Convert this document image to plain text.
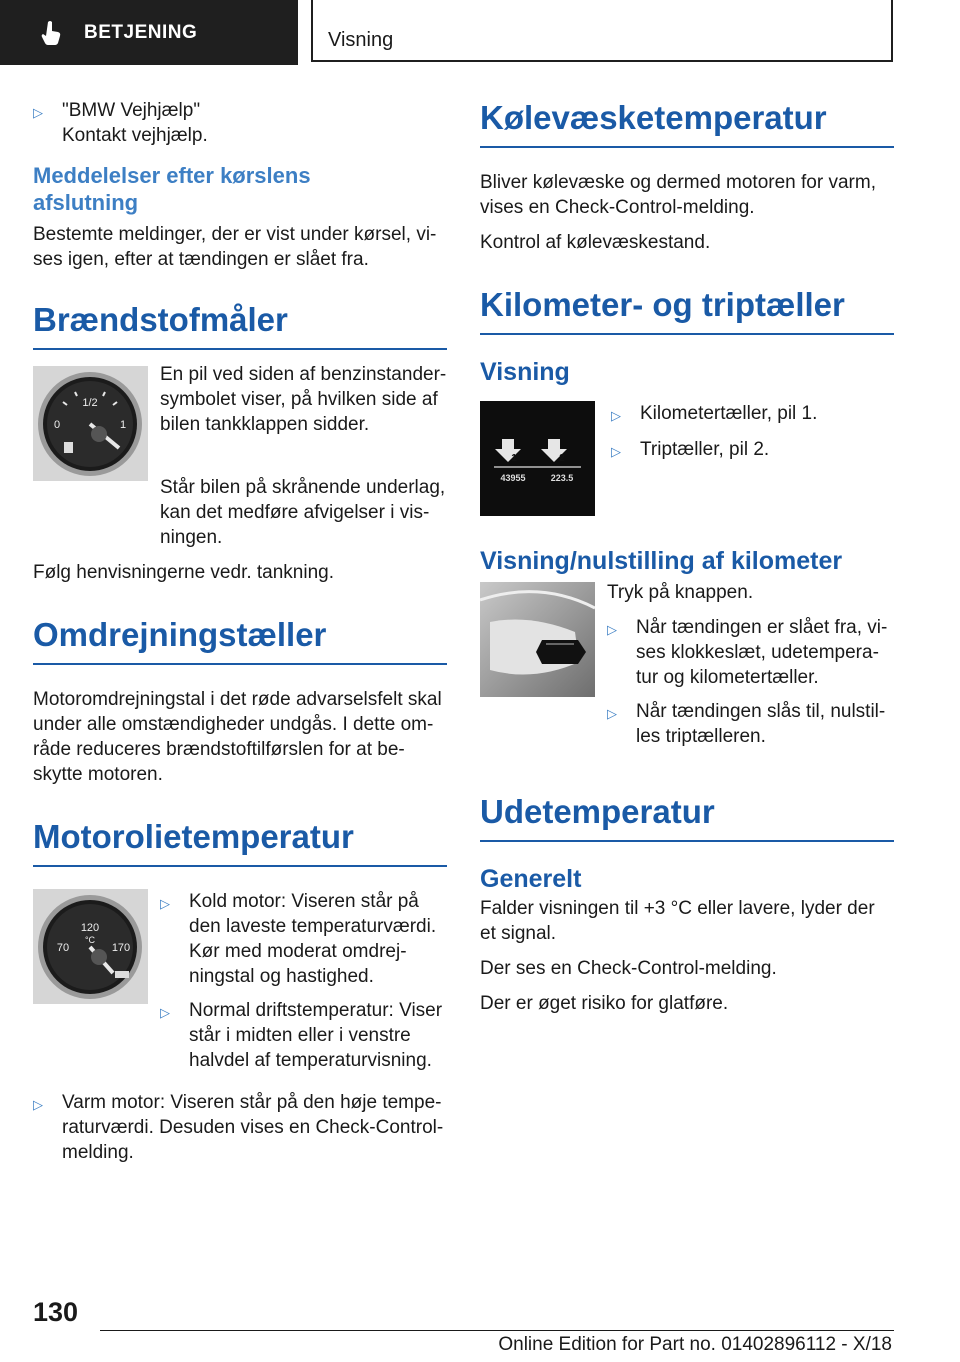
BETJENING	Visning
▷	"BMW Vejhjælp"
Kontakt vejhjælp.
Meddelelser efter kørslens afslutning

Bestemte meldinger, der er vist under kørsel, vises igen, efter at tændingen er slået fra.

Brændstofmåler
1/2
0	1

En pil ved siden af benzinstandersymbolet viser, på hvilken side af bilen tankklappen sidder.

Står bilen på skrånende underlag, kan det medføre afvigelser i visningen.

Følg henvisningerne vedr. tankning.

Omdrejningstæller

Motoromdrejningstal i det røde advarselsfelt skal under alle omstændigheder undgås. I dette område reduceres brændstoftilførslen for at beskytte motoren.

Motorolietemperatur
120
°C
70	170
▷	Kold motor: Viseren står på den laveste temperaturværdi. Kør med moderat omdrejningstal og hastighed.
▷	Normal driftstemperatur: Viser står i midten eller i venstre halvdel af temperaturvisning.
▷	Varm motor: Viseren står på den høje temperaturværdi. Desuden vises en Check-Control-melding.
Kølevæsketemperatur

Bliver kølevæske og dermed motoren for varm, vises en Check-Control-melding.

Kontrol af kølevæskestand.

Kilometer- og triptæller
Visning
1	2
43955	223.5
▷	Kilometertæller, pil 1.
▷	Triptæller, pil 2.
Visning/nulstilling af kilometer

Tryk på knappen.

▷	Når tændingen er slået fra, vises klokkeslæt, udetemperatur og kilometertæller.
▷	Når tændingen slås til, nulstilles triptælleren.
Udetemperatur
Generelt

Falder visningen til +3 °C eller lavere, lyder der et signal.

Der ses en Check-Control-melding.

Der er øget risiko for glatføre.

130
Online Edition for Part no. 01402896112 - X/18
